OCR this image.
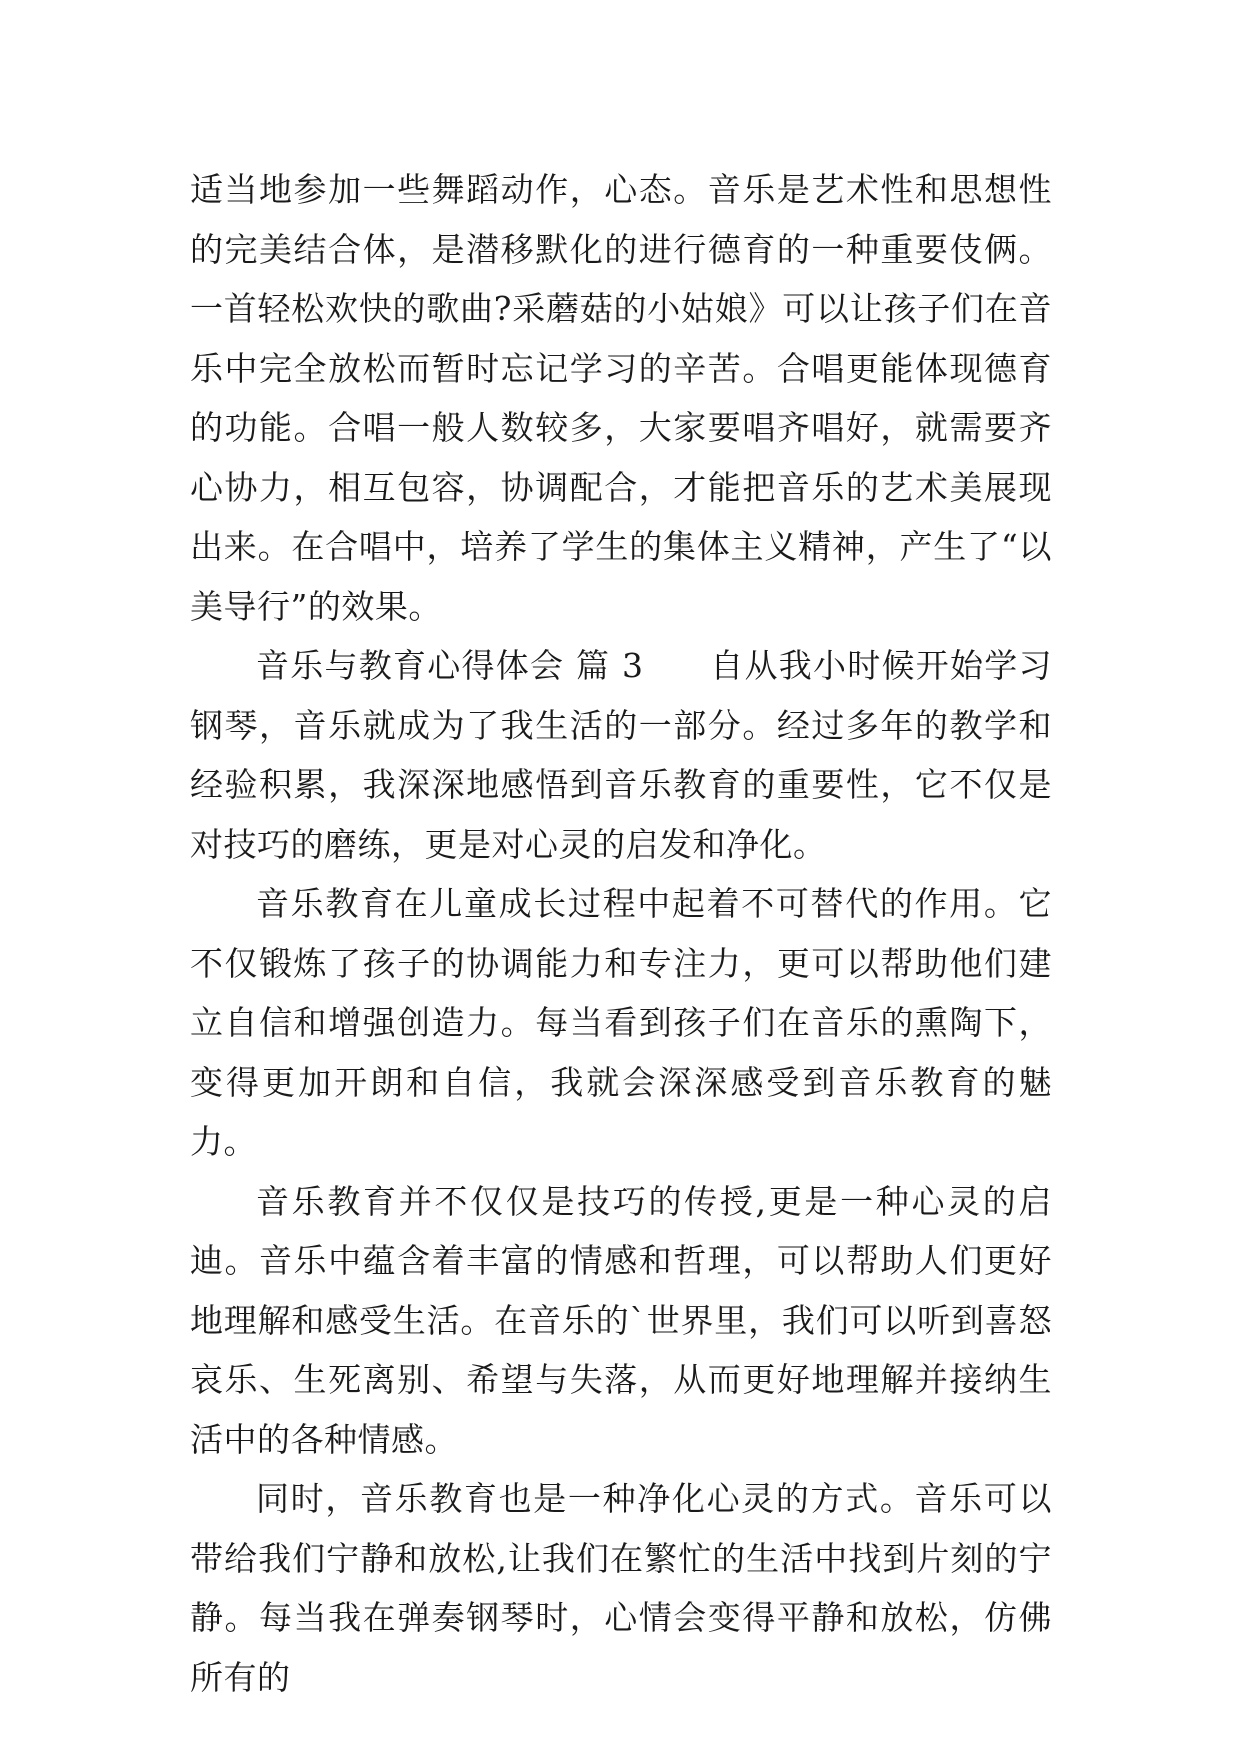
适当地参加一些舞蹈动作，心态。音乐是艺术性和思想性的完美结合体，是潜移默化的进行德育的一种重要伎俩。一首轻松欢快的歌曲?采蘑菇的小姑娘》可以让孩子们在音乐中完全放松而暂时忘记学习的辛苦。合唱更能体现德育的功能。合唱一般人数较多，大家要唱齐唱好，就需要齐心协力，相互包容，协调配合，才能把音乐的艺术美展现出来。在合唱中，培养了学生的集体主义精神，产生了“以美导行”的效果。

音乐与教育心得体会 篇 3 自从我小时候开始学习钢琴，音乐就成为了我生活的一部分。经过多年的教学和经验积累，我深深地感悟到音乐教育的重要性，它不仅是对技巧的磨练，更是对心灵的启发和净化。

音乐教育在儿童成长过程中起着不可替代的作用。它不仅锻炼了孩子的协调能力和专注力，更可以帮助他们建立自信和增强创造力。每当看到孩子们在音乐的熏陶下，变得更加开朗和自信，我就会深深感受到音乐教育的魅力。

音乐教育并不仅仅是技巧的传授,更是一种心灵的启迪。音乐中蕴含着丰富的情感和哲理，可以帮助人们更好地理解和感受生活。在音乐的`世界里，我们可以听到喜怒哀乐、生死离别、希望与失落，从而更好地理解并接纳生活中的各种情感。

同时，音乐教育也是一种净化心灵的方式。音乐可以带给我们宁静和放松,让我们在繁忙的生活中找到片刻的宁静。每当我在弹奏钢琴时，心情会变得平静和放松，仿佛所有的
